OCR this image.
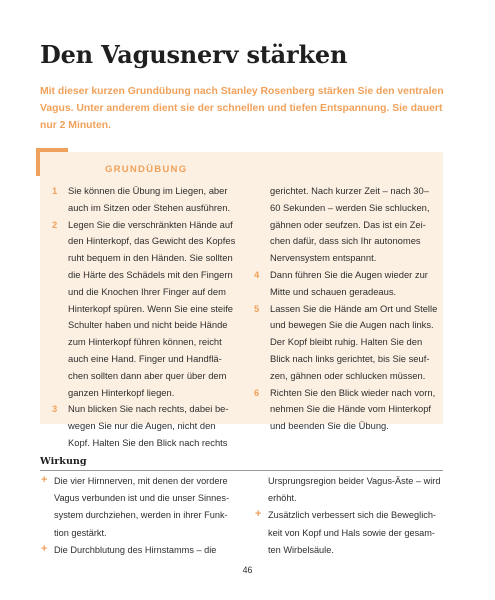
Den Vagusnerv stärken
Mit dieser kurzen Grundübung nach Stanley Rosenberg stärken Sie den ventralen
Vagus. Unter anderem dient sie der schnellen und tiefen Entspannung. Sie dauert
nur 2 Minuten.
GRUNDÜBUNG
1 Sie können die Übung im Liegen, aber
auch im Sitzen oder Stehen ausführen.
2 Legen Sie die verschränkten Hände auf
den Hinterkopf, das Gewicht des Kopfes
ruht bequem in den Händen. Sie sollten
die Härte des Schädels mit den Fingern
und die Knochen Ihrer Finger auf dem
Hinterkopf spüren. Wenn Sie eine steife
Schulter haben und nicht beide Hände
zum Hinterkopf führen können, reicht
auch eine Hand. Finger und Handflä-
chen sollten dann aber quer über dem
ganzen Hinterkopf liegen.
3 Nun blicken Sie nach rechts, dabei be-
wegen Sie nur die Augen, nicht den
Kopf. Halten Sie den Blick nach rechts
gerichtet. Nach kurzer Zeit – nach 30–
60 Sekunden – werden Sie schlucken,
gähnen oder seufzen. Das ist ein Zei-
chen dafür, dass sich Ihr autonomes
Nervensystem entspannt.
4 Dann führen Sie die Augen wieder zur
Mitte und schauen geradeaus.
5 Lassen Sie die Hände am Ort und Stelle
und bewegen Sie die Augen nach links.
Der Kopf bleibt ruhig. Halten Sie den
Blick nach links gerichtet, bis Sie seuf-
zen, gähnen oder schlucken müssen.
6 Richten Sie den Blick wieder nach vorn,
nehmen Sie die Hände vom Hinterkopf
und beenden Sie die Übung.
Wirkung
+ Die vier Hirnnerven, mit denen der vordere
Vagus verbunden ist und die unser Sinnes-
system durchziehen, werden in ihrer Funk-
tion gestärkt.
+ Die Durchblutung des Hirnstamms – die
Ursprungsregion beider Vagus-Äste – wird
erhöht.
+ Zusätzlich verbessert sich die Beweglich-
keit von Kopf und Hals sowie der gesam-
ten Wirbelsäule.
46
